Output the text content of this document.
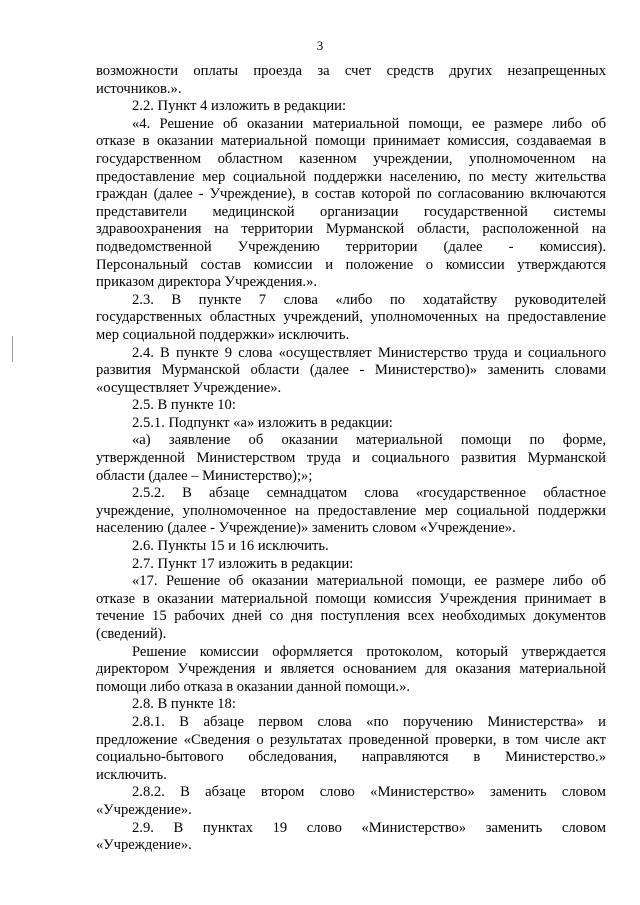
3
возможности оплаты проезда за счет средств других незапрещенных
источников.».
2.2. Пункт 4 изложить в редакции:
«4. Решение об оказании материальной помощи, ее размере либо об
отказе в оказании материальной помощи принимает комиссия, создаваемая в
государственном областном казенном учреждении, уполномоченном на
предоставление мер социальной поддержки населению, по месту жительства
граждан (далее - Учреждение), в состав которой по согласованию включаются
представители медицинской организации государственной системы
здравоохранения на территории Мурманской области, расположенной на
подведомственной Учреждению территории (далее - комиссия).
Персональный состав комиссии и положение о комиссии утверждаются
приказом директора Учреждения.».
2.3. В пункте 7 слова «либо по ходатайству руководителей
государственных областных учреждений, уполномоченных на предоставление
мер социальной поддержки» исключить.
2.4. В пункте 9 слова «осуществляет Министерство труда и социального
развития Мурманской области (далее - Министерство)» заменить словами
«осуществляет Учреждение».
2.5. В пункте 10:
2.5.1. Подпункт «а» изложить в редакции:
«а) заявление об оказании материальной помощи по форме,
утвержденной Министерством труда и социального развития Мурманской
области (далее – Министерство);»;
2.5.2. В абзаце семнадцатом слова «государственное областное
учреждение, уполномоченное на предоставление мер социальной поддержки
населению (далее - Учреждение)» заменить словом «Учреждение».
2.6. Пункты 15 и 16 исключить.
2.7. Пункт 17 изложить в редакции:
«17. Решение об оказании материальной помощи, ее размере либо об
отказе в оказании материальной помощи комиссия Учреждения принимает в
течение 15 рабочих дней со дня поступления всех необходимых документов
(сведений).
Решение комиссии оформляется протоколом, который утверждается
директором Учреждения и является основанием для оказания материальной
помощи либо отказа в оказании данной помощи.».
2.8. В пункте 18:
2.8.1. В абзаце первом слова «по поручению Министерства» и
предложение «Сведения о результатах проведенной проверки, в том числе акт
социально-бытового обследования, направляются в Министерство.»
исключить.
2.8.2. В абзаце втором слово «Министерство» заменить словом
«Учреждение».
2.9. В пунктах 19 слово «Министерство» заменить словом
«Учреждение».
